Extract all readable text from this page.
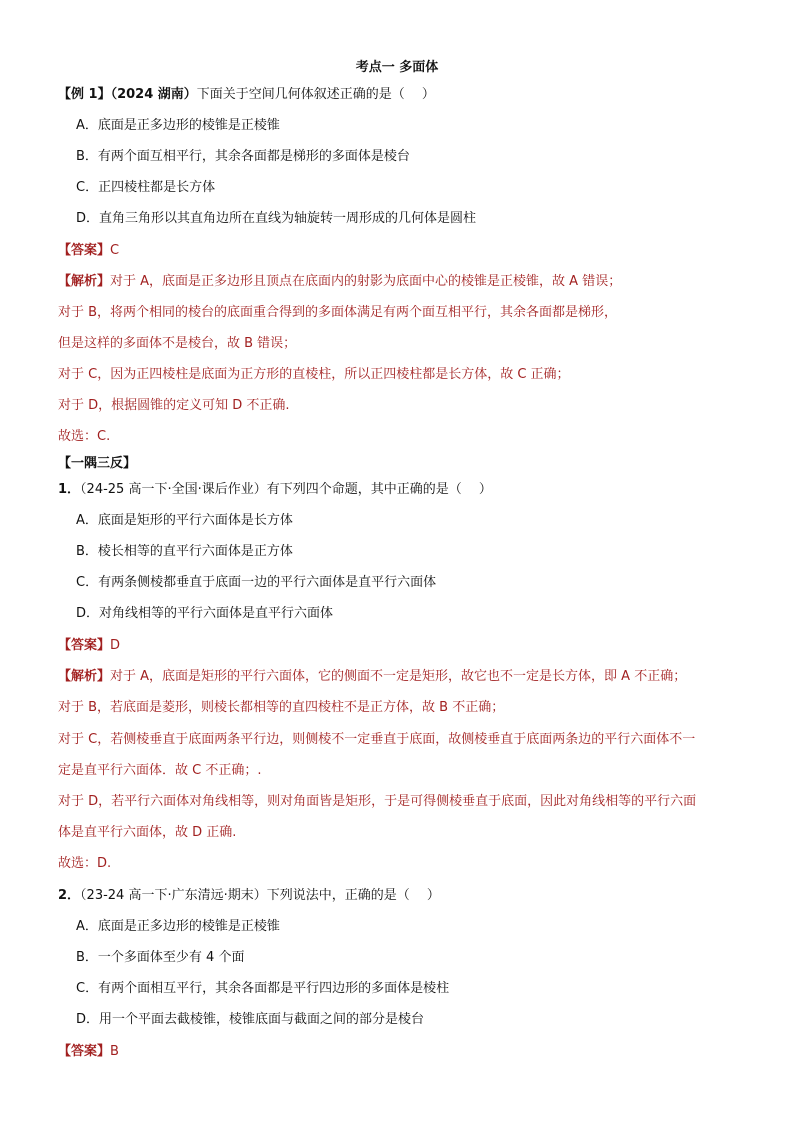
考点一 多面体
【例 1】（2024 湖南）下面关于空间几何体叙述正确的是（　 ）
A．底面是正多边形的棱锥是正棱锥
B．有两个面互相平行，其余各面都是梯形的多面体是棱台
C．正四棱柱都是长方体
D．直角三角形以其直角边所在直线为轴旋转一周形成的几何体是圆柱
【答案】C
【解析】对于 A，底面是正多边形且顶点在底面内的射影为底面中心的棱锥是正棱锥，故 A 错误；
对于 B，将两个相同的棱台的底面重合得到的多面体满足有两个面互相平行，其余各面都是梯形，
但是这样的多面体不是棱台，故 B 错误；
对于 C，因为正四棱柱是底面为正方形的直棱柱，所以正四棱柱都是长方体，故 C 正确；
对于 D，根据圆锥的定义可知 D 不正确.
故选：C.
【一隅三反】
1．（24-25 高一下·全国·课后作业）有下列四个命题，其中正确的是（　 ）
A．底面是矩形的平行六面体是长方体
B．棱长相等的直平行六面体是正方体
C．有两条侧棱都垂直于底面一边的平行六面体是直平行六面体
D．对角线相等的平行六面体是直平行六面体
【答案】D
【解析】对于 A，底面是矩形的平行六面体，它的侧面不一定是矩形，故它也不一定是长方体，即 A 不正确；
对于 B，若底面是菱形，则棱长都相等的直四棱柱不是正方体，故 B 不正确；
对于 C，若侧棱垂直于底面两条平行边，则侧棱不一定垂直于底面，故侧棱垂直于底面两条边的平行六面体不一
定是直平行六面体．故 C 不正确；.
对于 D，若平行六面体对角线相等，则对角面皆是矩形，于是可得侧棱垂直于底面，因此对角线相等的平行六面
体是直平行六面体，故 D 正确.
故选：D.
2．（23-24 高一下·广东清远·期末）下列说法中，正确的是（　 ）
A．底面是正多边形的棱锥是正棱锥
B．一个多面体至少有 4 个面
C．有两个面相互平行，其余各面都是平行四边形的多面体是棱柱
D．用一个平面去截棱锥，棱锥底面与截面之间的部分是棱台
【答案】B
